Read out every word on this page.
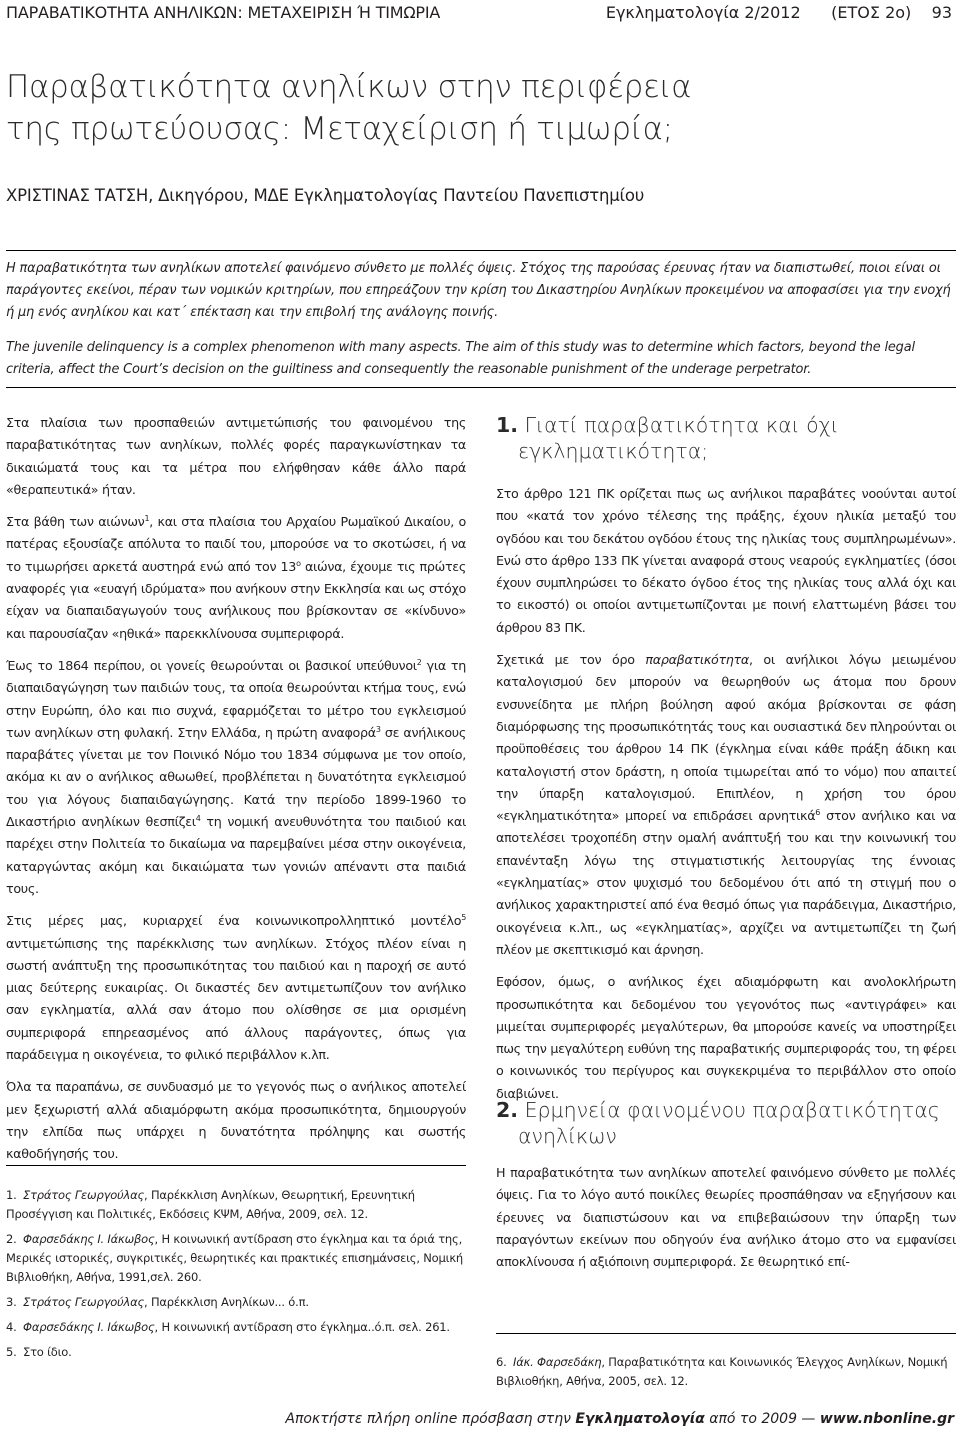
ΠΑΡΑΒΑΤΙΚΟΤΗΤΑ ΑΝΗΛΙΚΩΝ: ΜΕΤΑΧΕΙΡΙΣΗ Ή ΤΙΜΩΡΙΑ	Εγκληματολογία 2/2012 (ΕΤΟΣ 2ο) 93
Παραβατικότητα ανηλίκων στην περιφέρεια
της πρωτεύουσας: Μεταχείριση ή τιμωρία;
ΧΡΙΣΤΙΝΑΣ ΤΑΤΣΗ, Δικηγόρου, ΜΔΕ Εγκληματολογίας Παντείου Πανεπιστημίου

Η παραβατικότητα των ανηλίκων αποτελεί φαινόμενο σύνθετο με πολλές όψεις. Στόχος της παρούσας έρευνας ήταν να διαπιστωθεί, ποιοι είναι οι παράγοντες εκείνοι, πέραν των νομικών κριτηρίων, που επηρεάζουν την κρίση του Δικαστηρίου Ανηλίκων προκειμένου να αποφασίσει για την ενοχή ή μη ενός ανηλίκου και κατ΄ επέκταση και την επιβολή της ανάλογης ποινής.

The juvenile delinquency is a complex phenomenon with many aspects. The aim of this study was to determine which factors, beyond the legal criteria, affect the Court’s decision on the guiltiness and consequently the reasonable punishment of the underage perpetrator.

Στα πλαίσια των προσπαθειών αντιμετώπισής του φαινομένου της παραβατικότητας των ανηλίκων, πολλές φορές παραγκωνίστηκαν τα δικαιώματά τους και τα μέτρα που ελήφθησαν κάθε άλλο παρά «θεραπευτικά» ήταν.

Στα βάθη των αιώνων$^1$, και στα πλαίσια του Αρχαίου Ρωμαϊκού Δικαίου, ο πατέρας εξουσίαζε απόλυτα το παιδί του, μπορούσε να το σκοτώσει, ή να το τιμωρήσει αρκετά αυστηρά ενώ από τον $13^o$ αιώνα, έχουμε τις πρώτες αναφορές για «ευαγή ιδρύματα» που ανήκουν στην Εκκλησία και ως στόχο είχαν να διαπαιδαγωγούν τους ανήλικους που βρίσκονταν σε «κίνδυνο» και παρουσίαζαν «ηθικά» παρεκκλίνουσα συμπεριφορά.

Έως το 1864 περίπου, οι γονείς θεωρούνται οι βασικοί υπεύθυνοι$^2$ για τη διαπαιδαγώγηση των παιδιών τους, τα οποία θεωρούνται κτήμα τους, ενώ στην Ευρώπη, όλο και πιο συχνά, εφαρμόζεται το μέτρο του εγκλεισμού των ανηλίκων στη φυλακή. Στην Ελλάδα, η πρώτη αναφορά$^3$ σε ανήλικους παραβάτες γίνεται με τον Ποινικό Νόμο του 1834 σύμφωνα με τον οποίο, ακόμα κι αν ο ανήλικος αθωωθεί, προβλέπεται η δυνατότητα εγκλεισμού του για λόγους διαπαιδαγώγησης. Κατά την περίοδο 1899-1960 το Δικαστήριο ανηλίκων θεσπίζει$^4$ τη νομική ανευθυνότητα του παιδιού και παρέχει στην Πολιτεία το δικαίωμα να παρεμβαίνει μέσα στην οικογένεια, καταργώντας ακόμη και δικαιώματα των γονιών απέναντι στα παιδιά τους.

Στις μέρες μας, κυριαρχεί ένα κοινωνικοπρολληπτικό μοντέλο$^5$ αντιμετώπισης της παρέκκλισης των ανηλίκων. Στόχος πλέον είναι η σωστή ανάπτυξη της προσωπικότητας του παιδιού και η παροχή σε αυτό μιας δεύτερης ευκαιρίας. Οι δικαστές δεν αντιμετωπίζουν τον ανήλικο σαν εγκληματία, αλλά σαν άτομο που ολίσθησε σε μια ορισμένη συμπεριφορά επηρεασμένος από άλλους παράγοντες, όπως για παράδειγμα η οικογένεια, το φιλικό περιβάλλον κ.λπ.

Όλα τα παραπάνω, σε συνδυασμό με το γεγονός πως ο ανήλικος αποτελεί μεν ξεχωριστή αλλά αδιαμόρφωτη ακόμα προσωπικότητα, δημιουργούν την ελπίδα πως υπάρχει η δυνατότητα πρόληψης και σωστής καθοδήγησής του.

1. Γιατί παραβατικότητα και όχι
εγκληματικότητα;

Στο άρθρο 121 ΠΚ ορίζεται πως ως ανήλικοι παραβάτες νοούνται αυτοί που «κατά τον χρόνο τέλεσης της πράξης, έχουν ηλικία μεταξύ του ογδόου και του δεκάτου ογδόου έτους της ηλικίας τους συμπληρωμένων». Ενώ στο άρθρο 133 ΠΚ γίνεται αναφορά στους νεαρούς εγκληματίες (όσοι έχουν συμπληρώσει το δέκατο όγδοο έτος της ηλικίας τους αλλά όχι και το εικοστό) οι οποίοι αντιμετωπίζονται με ποινή ελαττωμένη βάσει του άρθρου 83 ΠΚ.

Σχετικά με τον όρο παραβατικότητα, οι ανήλικοι λόγω μειωμένου καταλογισμού δεν μπορούν να θεωρηθούν ως άτομα που δρουν ενσυνείδητα με πλήρη βούληση αφού ακόμα βρίσκονται σε φάση διαμόρφωσης της προσωπικότητάς τους και ουσιαστικά δεν πληρούνται οι προϋποθέσεις του άρθρου 14 ΠΚ (έγκλημα είναι κάθε πράξη άδικη και καταλογιστή στον δράστη, η οποία τιμωρείται από το νόμο) που απαιτεί την ύπαρξη καταλογισμού. Επιπλέον, η χρήση του όρου «εγκληματικότητα» μπορεί να επιδράσει αρνητικά$^6$ στον ανήλικο και να αποτελέσει τροχοπέδη στην ομαλή ανάπτυξή του και την κοινωνική του επανένταξη λόγω της στιγματιστικής λειτουργίας της έννοιας «εγκληματίας» στον ψυχισμό του δεδομένου ότι από τη στιγμή που ο ανήλικος χαρακτηριστεί από ένα θεσμό όπως για παράδειγμα, Δικαστήριο, οικογένεια κ.λπ., ως «εγκληματίας», αρχίζει να αντιμετωπίζει τη ζωή πλέον με σκεπτικισμό και άρνηση.

Εφόσον, όμως, ο ανήλικος έχει αδιαμόρφωτη και ανολοκλήρωτη προσωπικότητα και δεδομένου του γεγονότος πως «αντιγράφει» και μιμείται συμπεριφορές μεγαλύτερων, θα μπορούσε κανείς να υποστηρίξει πως την μεγαλύτερη ευθύνη της παραβατικής συμπεριφοράς του, τη φέρει ο κοινωνικός του περίγυρος και συγκεκριμένα το περιβάλλον στο οποίο διαβιώνει.

2. Ερμηνεία φαινομένου παραβατικότητας
ανηλίκων

Η παραβατικότητα των ανηλίκων αποτελεί φαινόμενο σύνθετο με πολλές όψεις. Για το λόγο αυτό ποικίλες θεωρίες προσπάθησαν να εξηγήσουν και έρευνες να διαπιστώσουν και να επιβεβαιώσουν την ύπαρξη των παραγόντων εκείνων που οδηγούν ένα ανήλικο άτομο στο να εμφανίσει αποκλίνουσα ή αξιόποινη συμπεριφορά. Σε θεωρητικό επί-

1. Στράτος Γεωργούλας, Παρέκκλιση Ανηλίκων, Θεωρητική, Ερευνητική Προσέγγιση και Πολιτικές, Εκδόσεις ΚΨΜ, Αθήνα, 2009, σελ. 12.
2. Φαρσεδάκης Ι. Ιάκωβος, Η κοινωνική αντίδραση στο έγκλημα και τα όριά της, Μερικές ιστορικές, συγκριτικές, θεωρητικές και πρακτικές επισημάνσεις, Νομική Βιβλιοθήκη, Αθήνα, 1991,σελ. 260.
3. Στράτος Γεωργούλας, Παρέκκλιση Ανηλίκων... ό.π.
4. Φαρσεδάκης Ι. Ιάκωβος, Η κοινωνική αντίδραση στο έγκλημα..ό.π. σελ. 261.
5. Στο ίδιο.
6. Ιάκ. Φαρσεδάκη, Παραβατικότητα και Κοινωνικός Έλεγχος Ανηλίκων, Νομική Βιβλιοθήκη, Αθήνα, 2005, σελ. 12.
Αποκτήστε πλήρη online πρόσβαση στην Εγκληματολογία από το 2009 — www.nbonline.gr
